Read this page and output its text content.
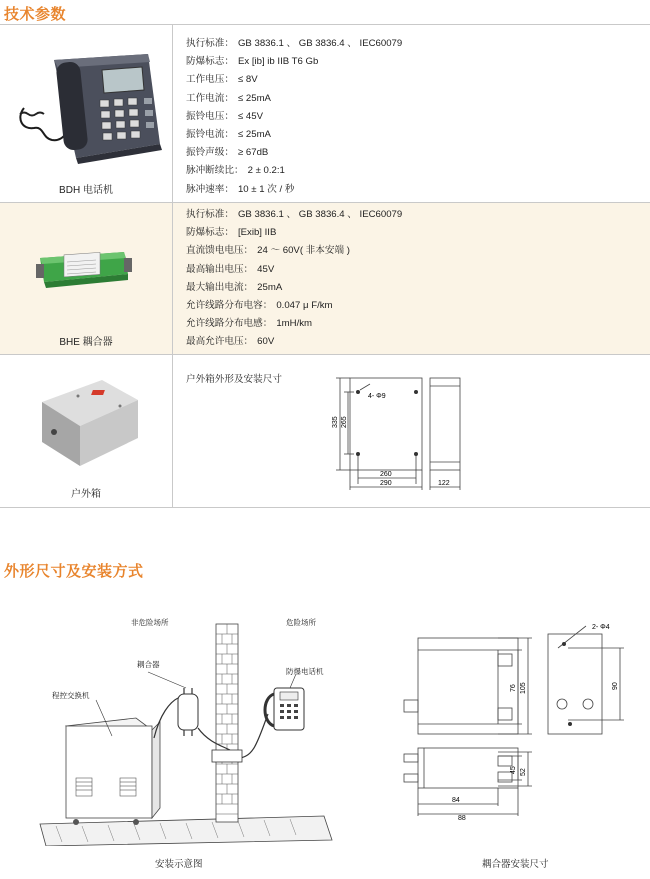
技术参数
BDH 电话机
执行标准： GB 3836.1 、 GB 3836.4 、 IEC60079
防爆标志： Ex [ib] ib IIB T6 Gb
工作电压： ≤ 8V
工作电流： ≤ 25mA
振铃电压： ≤ 45V
振铃电流： ≤ 25mA
振铃声级： ≥ 67dB
脉冲断续比： 2 ± 0.2:1
脉冲速率： 10 ± 1 次 / 秒
BHE 耦合器
执行标准： GB 3836.1 、 GB 3836.4 、 IEC60079
防爆标志： [Exib] IIB
直流馈电电压： 24 ～ 60V( 非本安端 )
最高输出电压： 45V
最大输出电流： 25mA
允许线路分布电容： 0.047 μ F/km
允许线路分布电感： 1mH/km
最高允许电压： 60V
户外箱
户外箱外形及安装尺寸
4- Φ9
335 265
260
290	122
外形尺寸及安装方式
非危险场所	危险场所
耦合器
防爆电话机
程控交换机
安装示意图
2- Φ4
76 105	90
45 52
84
88
耦合器安装尺寸
